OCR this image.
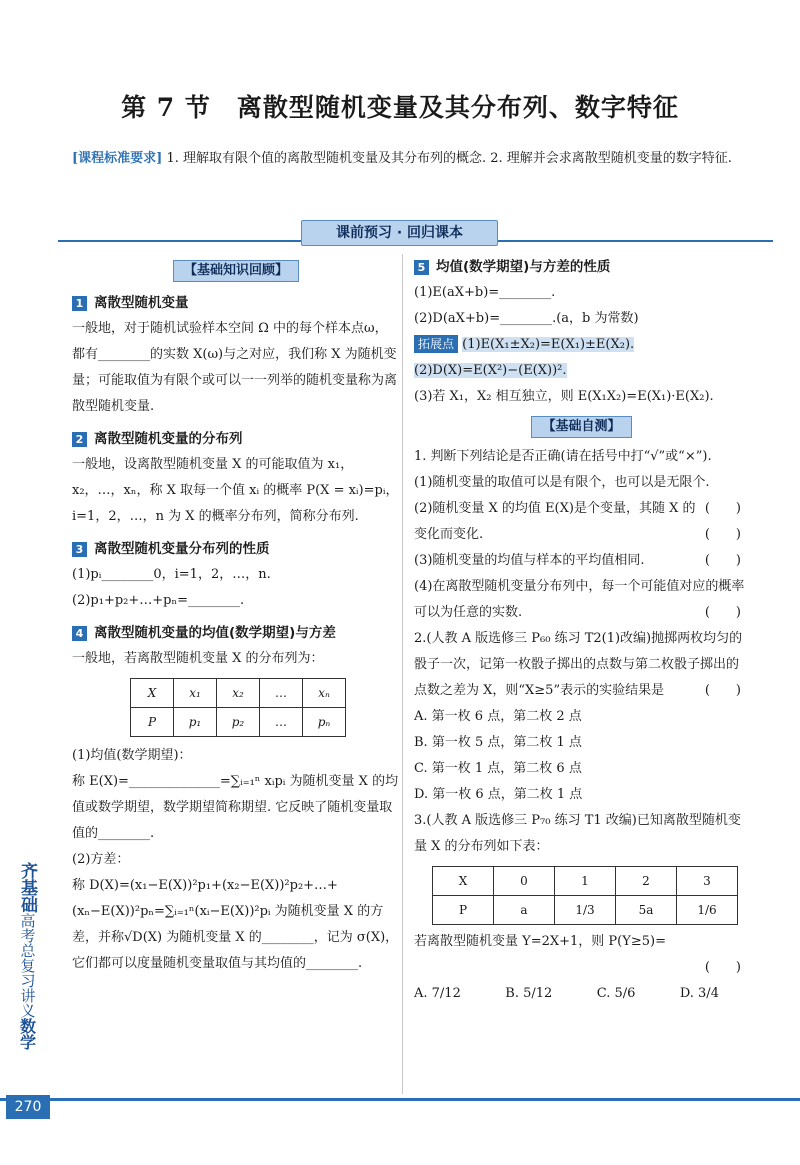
第 7 节　离散型随机变量及其分布列、数字特征
[课程标准要求] 1. 理解取有限个值的离散型随机变量及其分布列的概念. 2. 理解并会求离散型随机变量的数字特征.
课前预习 · 回归课本
【基础知识回顾】
1 离散型随机变量

一般地，对于随机试验样本空间 Ω 中的每个样本点ω，都有________的实数 X(ω)与之对应，我们称 X 为随机变量；可能取值为有限个或可以一一列举的随机变量称为离散型随机变量.

2 离散型随机变量的分布列

一般地，设离散型随机变量 X 的可能取值为 x₁，x₂，…，xₙ，称 X 取每一个值 xᵢ 的概率 P(X = xᵢ)=pᵢ，i=1，2，…，n 为 X 的概率分布列，简称分布列.

3 离散型随机变量分布列的性质

(1)pᵢ________0，i=1，2，…，n.

(2)p₁+p₂+…+pₙ=________.

4 离散型随机变量的均值(数学期望)与方差

一般地，若离散型随机变量 X 的分布列为：

X	x₁	x₂	…	xₙ
P	p₁	p₂	…	pₙ

(1)均值(数学期望)：

称 E(X)=______________=∑ᵢ₌₁ⁿ xᵢpᵢ 为随机变量 X 的均值或数学期望，数学期望简称期望. 它反映了随机变量取值的________.

(2)方差：

称 D(X)=(x₁−E(X))²p₁+(x₂−E(X))²p₂+…+(xₙ−E(X))²pₙ=∑ᵢ₌₁ⁿ(xᵢ−E(X))²pᵢ 为随机变量 X 的方差，并称√D(X) 为随机变量 X 的________，记为 σ(X)，它们都可以度量随机变量取值与其均值的________.

5 均值(数学期望)与方差的性质

(1)E(aX+b)=________.

(2)D(aX+b)=________.(a，b 为常数)

拓展点 (1)E(X₁±X₂)=E(X₁)±E(X₂).

(2)D(X)=E(X²)−(E(X))².

(3)若 X₁，X₂ 相互独立，则 E(X₁X₂)=E(X₁)·E(X₂).

【基础自测】

1. 判断下列结论是否正确(请在括号中打“√”或“×”).

(1)随机变量的取值可以是有限个，也可以是无限个.
(　　)

(2)随机变量 X 的均值 E(X)是个变量，其随 X 的变化而变化.	(　　)

(3)随机变量的均值与样本的平均值相同.	(　　)

(4)在离散型随机变量分布列中，每一个可能值对应的概率可以为任意的实数.	(　　)

2.(人教 A 版选修三 P₆₀ 练习 T2(1)改编)抛掷两枚均匀的骰子一次，记第一枚骰子掷出的点数与第二枚骰子掷出的点数之差为 X，则“X≥5”表示的实验结果是	(　　)

A. 第一枚 6 点，第二枚 2 点

B. 第一枚 5 点，第二枚 1 点

C. 第一枚 1 点，第二枚 6 点

D. 第一枚 6 点，第二枚 1 点

3.(人教 A 版选修三 P₇₀ 练习 T1 改编)已知离散型随机变量 X 的分布列如下表：

X	0	1	2	3
P	a	1/3	5a	1/6

若离散型随机变量 Y=2X+1，则 P(Y≥5)=

(　　)

A. 7/12	B. 5/12	C. 5/6	D. 3/4
齐基础
高考总复习讲义
数学
270
